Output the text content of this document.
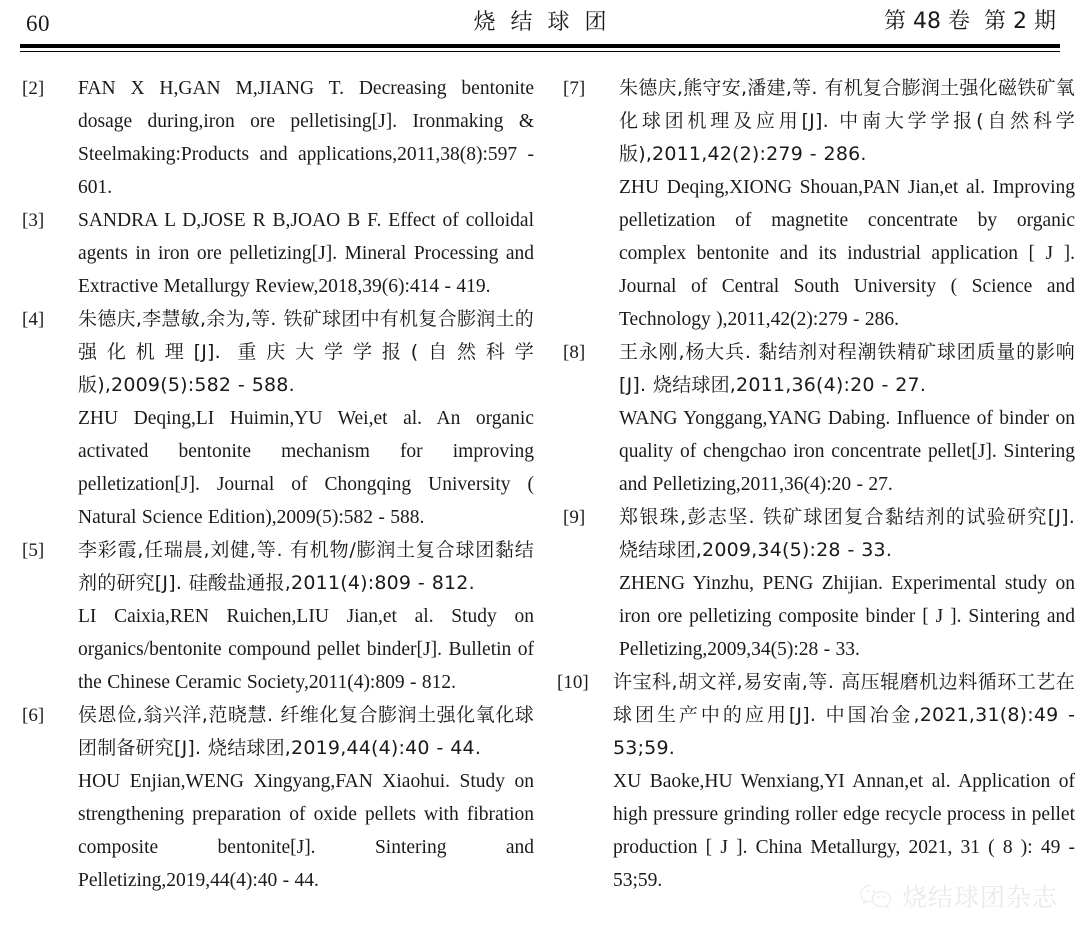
60	烧结球团	第 48 卷  第 2 期
[2]	FAN X H,GAN M,JIANG T. Decreasing bentonite dosage during,iron ore pelletising[J]. Ironmaking & Steelmaking:Products and applications,2011,38(8):597 - 601.

[3]	SANDRA L D,JOSE R B,JOAO B F. Effect of colloidal agents in iron ore pelletizing[J]. Mineral Processing and Extractive Metallurgy Review,2018,39(6):414 - 419.

[4]	朱德庆,李慧敏,余为,等. 铁矿球团中有机复合膨润土的强化机理[J]. 重庆大学学报(自然科学版),2009(5):582 - 588.

ZHU Deqing,LI Huimin,YU Wei,et al. An organic activated bentonite mechanism for improving pelletization[J]. Journal of Chongqing University ( Natural Science Edition),2009(5):582 - 588.

[5]	李彩霞,任瑞晨,刘健,等. 有机物/膨润土复合球团黏结剂的研究[J]. 硅酸盐通报,2011(4):809 - 812.

LI Caixia,REN Ruichen,LIU Jian,et al. Study on organics/bentonite compound pellet binder[J]. Bulletin of the Chinese Ceramic Society,2011(4):809 - 812.

[6]	侯恩俭,翁兴洋,范晓慧. 纤维化复合膨润土强化氧化球团制备研究[J]. 烧结球团,2019,44(4):40 - 44.

HOU Enjian,WENG Xingyang,FAN Xiaohui. Study on strengthening preparation of oxide pellets with fibration composite bentonite[J]. Sintering and Pelletizing,2019,44(4):40 - 44.

[7]	朱德庆,熊守安,潘建,等. 有机复合膨润土强化磁铁矿氧化球团机理及应用[J]. 中南大学学报(自然科学版),2011,42(2):279 - 286.

ZHU Deqing,XIONG Shouan,PAN Jian,et al. Improving pelletization of magnetite concentrate by organic complex bentonite and its industrial application [ J ]. Journal of Central South University ( Science and Technology ),2011,42(2):279 - 286.

[8]	王永刚,杨大兵. 黏结剂对程潮铁精矿球团质量的影响[J]. 烧结球团,2011,36(4):20 - 27.

WANG Yonggang,YANG Dabing. Influence of binder on quality of chengchao iron concentrate pellet[J]. Sintering and Pelletizing,2011,36(4):20 - 27.

[9]	郑银珠,彭志坚. 铁矿球团复合黏结剂的试验研究[J]. 烧结球团,2009,34(5):28 - 33.

ZHENG Yinzhu, PENG Zhijian. Experimental study on iron ore pelletizing composite binder [ J ]. Sintering and Pelletizing,2009,34(5):28 - 33.

[10]	许宝科,胡文祥,易安南,等. 高压辊磨机边料循环工艺在球团生产中的应用[J]. 中国冶金,2021,31(8):49 - 53;59.

XU Baoke,HU Wenxiang,YI Annan,et al. Application of high pressure grinding roller edge recycle process in pellet production [ J ]. China Metallurgy, 2021, 31 ( 8 ): 49 - 53;59.

烧结球团杂志
